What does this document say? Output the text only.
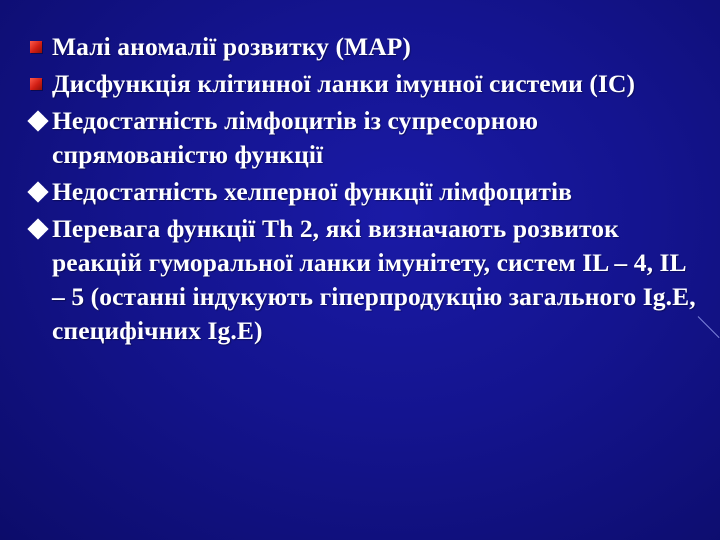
Малі аномалії розвитку (МАР)
Дисфункція клітинної ланки імунної системи (ІС)
Недостатність лімфоцитів із супресорною спрямованістю функції
Недостатність хелперної функції лімфоцитів
Перевага функції Th 2, які визначають розвиток реакцій гуморальної ланки імунітету, систем IL – 4, IL – 5 (останні індукують гіперпродукцію загального Ig.E, специфічних Ig.E)
